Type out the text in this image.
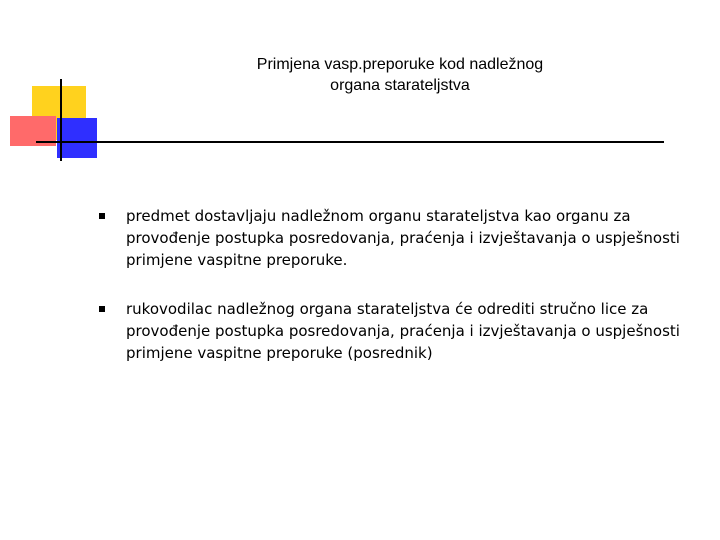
Primjena vasp.preporuke kod nadležnog
organa starateljstva
predmet dostavljaju nadležnom organu starateljstva kao organu za provođenje postupka posredovanja, praćenja i izvještavanja o uspješnosti primjene vaspitne preporuke.
rukovodilac nadležnog organa starateljstva će odrediti stručno lice za provođenje postupka posredovanja, praćenja i izvještavanja o uspješnosti primjene vaspitne preporuke (posrednik)
